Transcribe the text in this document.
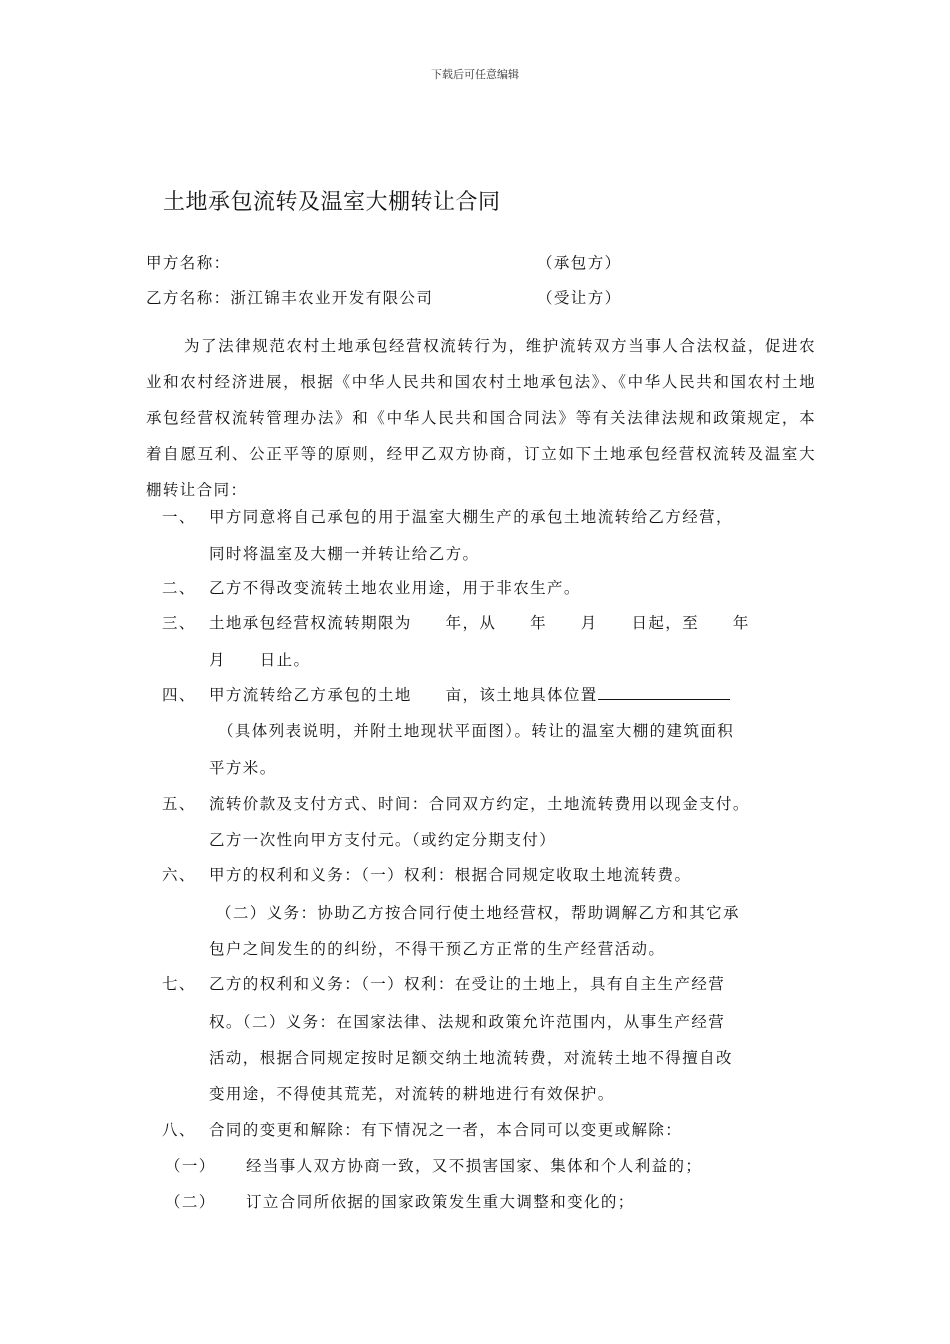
下载后可任意编辑
土地承包流转及温室大棚转让合同
甲方名称：	（承包方）
乙方名称：浙江锦丰农业开发有限公司	（受让方）
为了法律规范农村土地承包经营权流转行为，维护流转双方当事人合法权益，促进农业和农村经济进展，根据《中华人民共和国农村土地承包法》、《中华人民共和国农村土地承包经营权流转管理办法》和《中华人民共和国合同法》等有关法律法规和政策规定，本着自愿互利、公正平等的原则，经甲乙双方协商，订立如下土地承包经营权流转及温室大棚转让合同：
一、 甲方同意将自己承包的用于温室大棚生产的承包土地流转给乙方经营，
同时将温室及大棚一并转让给乙方。
二、 乙方不得改变流转土地农业用途，用于非农生产。
三、 土地承包经营权流转期限为　　年，从　　年　　月　　日起，至　　年
月　　日止。
四、 甲方流转给乙方承包的土地　　亩，该土地具体位置
（具体列表说明，并附土地现状平面图）。转让的温室大棚的建筑面积
平方米。
五、 流转价款及支付方式、时间：合同双方约定，土地流转费用以现金支付。
乙方一次性向甲方支付元。（或约定分期支付）
六、 甲方的权利和义务：（一）权利：根据合同规定收取土地流转费。
（二）义务：协助乙方按合同行使土地经营权，帮助调解乙方和其它承
包户之间发生的的纠纷，不得干预乙方正常的生产经营活动。
七、 乙方的权利和义务：（一）权利：在受让的土地上，具有自主生产经营
权。（二）义务：在国家法律、法规和政策允许范围内，从事生产经营
活动，根据合同规定按时足额交纳土地流转费，对流转土地不得擅自改
变用途，不得使其荒芜，对流转的耕地进行有效保护。
八、 合同的变更和解除：有下情况之一者，本合同可以变更或解除：
（一） 经当事人双方协商一致，又不损害国家、集体和个人利益的；
（二） 订立合同所依据的国家政策发生重大调整和变化的；
